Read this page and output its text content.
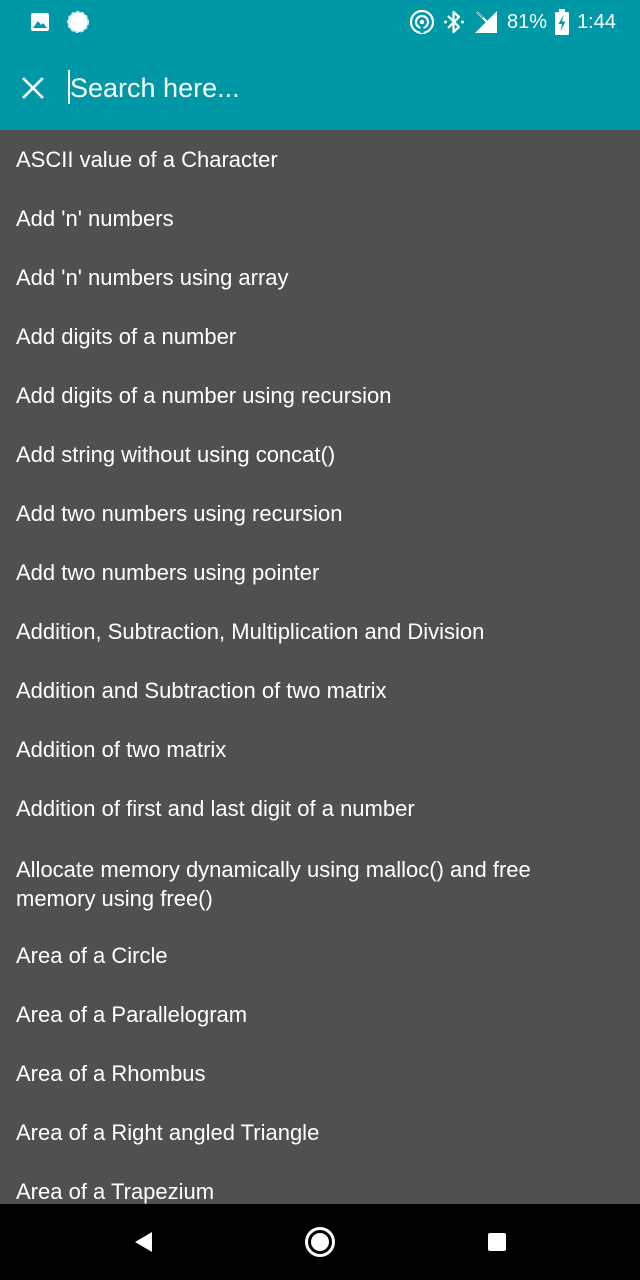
81% 1:44
Search here...
ASCII value of a Character
Add 'n' numbers
Add 'n' numbers using array
Add digits of a number
Add digits of a number using recursion
Add string without using concat()
Add two numbers using recursion
Add two numbers using pointer
Addition, Subtraction, Multiplication and Division
Addition and Subtraction of two matrix
Addition of two matrix
Addition of first and last digit of a number
Allocate memory dynamically using malloc() and free memory using free()
Area of a Circle
Area of a Parallelogram
Area of a Rhombus
Area of a Right angled Triangle
Area of a Trapezium
